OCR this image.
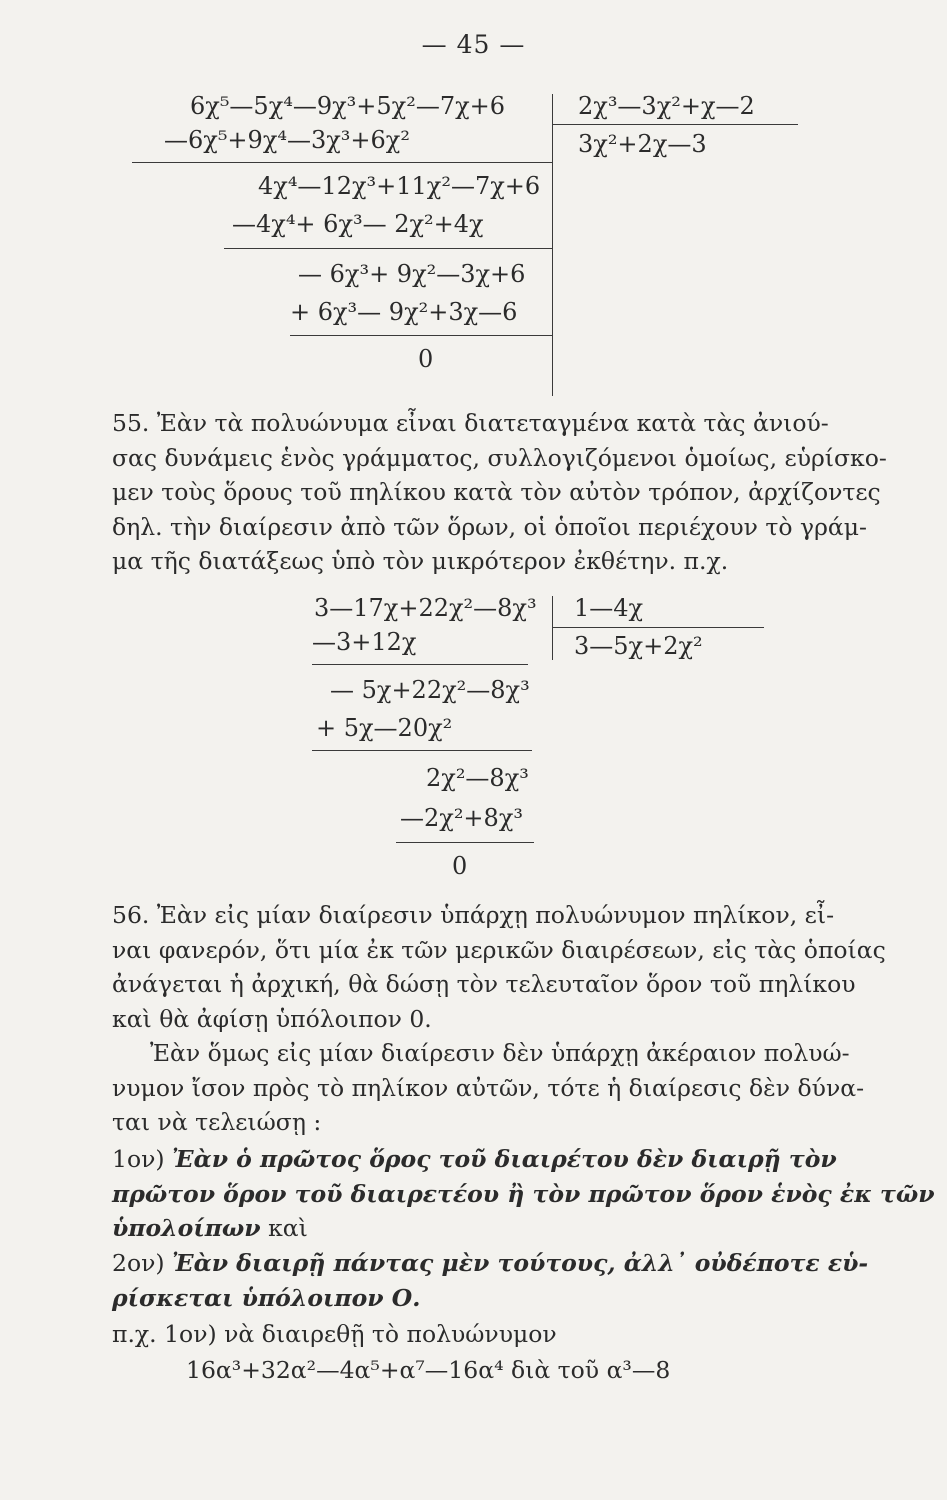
— 45 —
6χ⁵—5χ⁴—9χ³+5χ²—7χ+6
—6χ⁵+9χ⁴—3χ³+6χ²
4χ⁴—12χ³+11χ²—7χ+6
—4χ⁴+ 6χ³— 2χ²+4χ
— 6χ³+ 9χ²—3χ+6
+ 6χ³— 9χ²+3χ—6
0
2χ³—3χ²+χ—2
3χ²+2χ—3
55. Ἐὰν τὰ πολυώνυμα εἶναι διατεταγμένα κατὰ τὰς ἀνιού-
σας δυνάμεις ἑνὸς γράμματος, συλλογιζόμενοι ὁμοίως, εὑρίσκο-
μεν τοὺς ὅρους τοῦ πηλίκου κατὰ τὸν αὐτὸν τρόπον, ἀρχίζοντες
δηλ. τὴν διαίρεσιν ἀπὸ τῶν ὅρων, οἱ ὁποῖοι περιέχουν τὸ γράμ-
μα τῆς διατάξεως ὑπὸ τὸν μικρότερον ἐκθέτην. π.χ.
3—17χ+22χ²—8χ³
—3+12χ
— 5χ+22χ²—8χ³
+ 5χ—20χ²
2χ²—8χ³
—2χ²+8χ³
0
1—4χ
3—5χ+2χ²
56. Ἐὰν εἰς μίαν διαίρεσιν ὑπάρχῃ πολυώνυμον πηλίκον, εἶ-
ναι φανερόν, ὅτι μία ἐκ τῶν μερικῶν διαιρέσεων, εἰς τὰς ὁποίας
ἀνάγεται ἡ ἀρχική, θὰ δώσῃ τὸν τελευταῖον ὅρον τοῦ πηλίκου
καὶ θὰ ἀφίσῃ ὑπόλοιπον 0.
Ἐὰν ὅμως εἰς μίαν διαίρεσιν δὲν ὑπάρχῃ ἀκέραιον πολυώ-
νυμον ἴσον πρὸς τὸ πηλίκον αὐτῶν, τότε ἡ διαίρεσις δὲν δύνα-
ται νὰ τελειώσῃ :
1ον) Ἐὰν ὁ πρῶτος ὅρος τοῦ διαιρέτου δὲν διαιρῇ τὸν
πρῶτον ὅρον τοῦ διαιρετέου ἢ τὸν πρῶτον ὅρον ἑνὸς ἐκ τῶν
ὑπολοίπων καὶ
2ον) Ἐὰν διαιρῇ πάντας μὲν τούτους, ἀλλ᾽ οὐδέποτε εὑ-
ρίσκεται ὑπόλοιπον Ο.
π.χ. 1ον) νὰ διαιρεθῇ τὸ πολυώνυμον
16α³+32α²—4α⁵+α⁷—16α⁴ διὰ τοῦ α³—8
